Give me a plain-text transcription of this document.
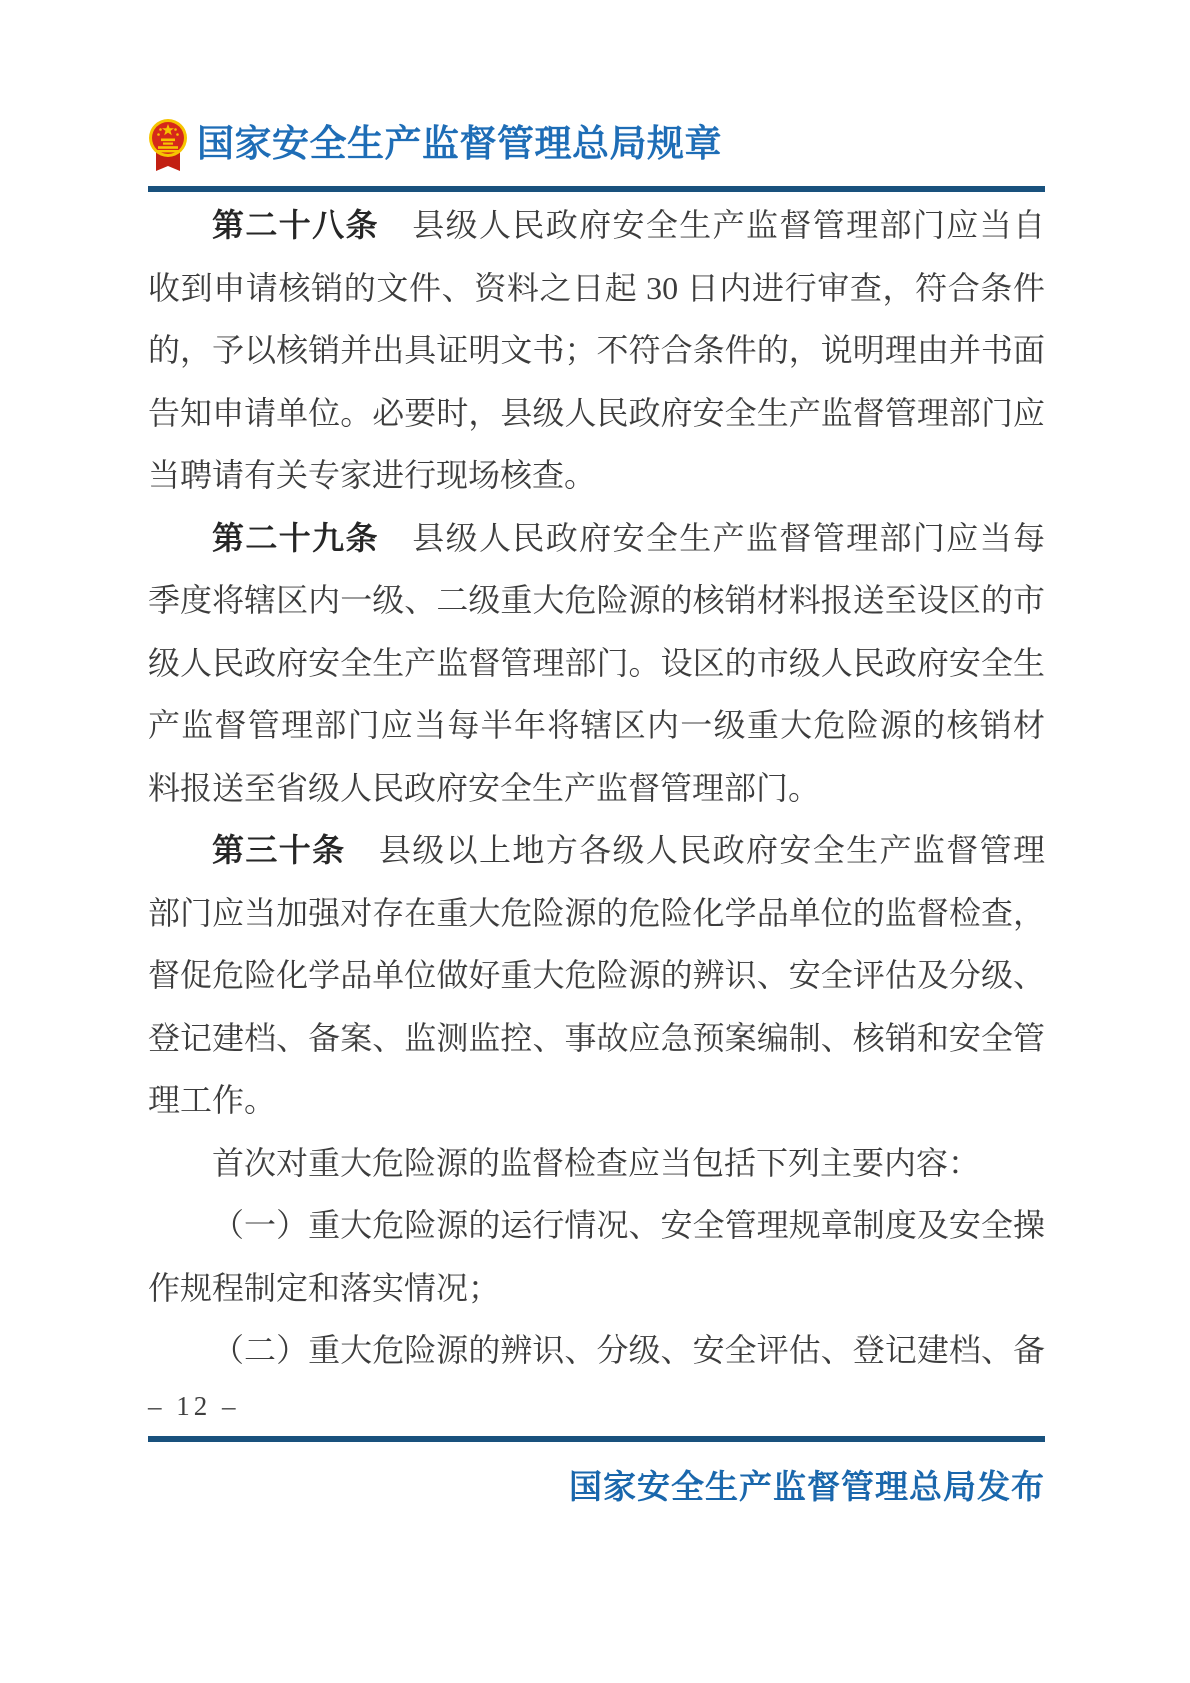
国家安全生产监督管理总局规章
第二十八条　县级人民政府安全生产监督管理部门应当自
收到申请核销的文件、资料之日起 30 日内进行审查，符合条件
的，予以核销并出具证明文书；不符合条件的，说明理由并书面
告知申请单位。必要时，县级人民政府安全生产监督管理部门应
当聘请有关专家进行现场核查。
第二十九条　县级人民政府安全生产监督管理部门应当每
季度将辖区内一级、二级重大危险源的核销材料报送至设区的市
级人民政府安全生产监督管理部门。设区的市级人民政府安全生
产监督管理部门应当每半年将辖区内一级重大危险源的核销材
料报送至省级人民政府安全生产监督管理部门。
第三十条　县级以上地方各级人民政府安全生产监督管理
部门应当加强对存在重大危险源的危险化学品单位的监督检查，
督促危险化学品单位做好重大危险源的辨识、安全评估及分级、
登记建档、备案、监测监控、事故应急预案编制、核销和安全管
理工作。
首次对重大危险源的监督检查应当包括下列主要内容：
（一）重大危险源的运行情况、安全管理规章制度及安全操
作规程制定和落实情况；
（二）重大危险源的辨识、分级、安全评估、登记建档、备
– 12 –
国家安全生产监督管理总局发布
